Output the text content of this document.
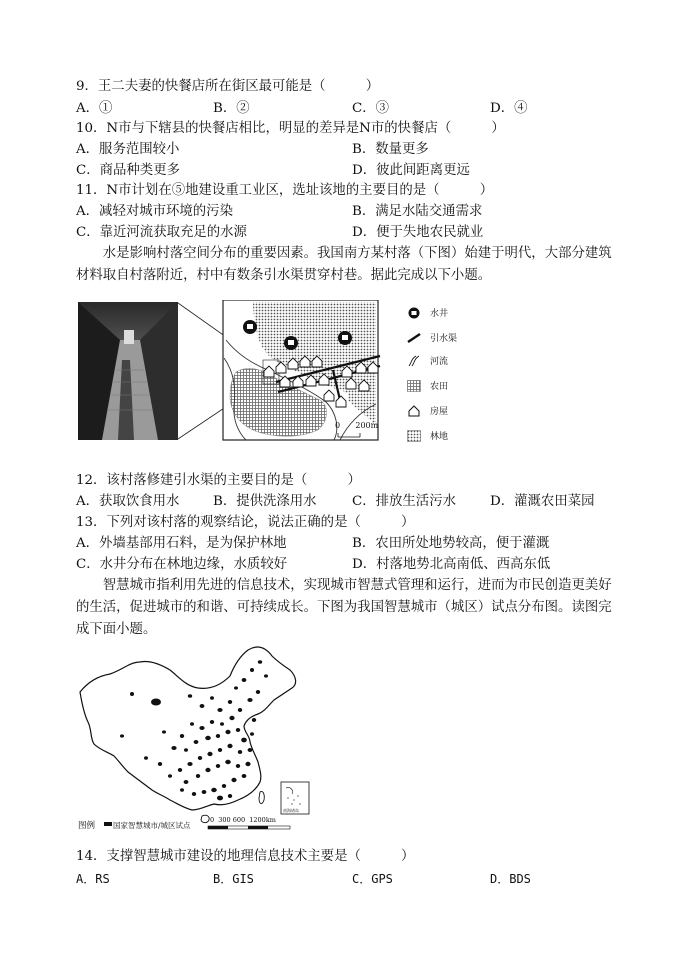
9．王二夫妻的快餐店所在街区最可能是（　　　）
A．①	B．②	C．③	D．④
10．N市与下辖县的快餐店相比，明显的差异是N市的快餐店（　　　）
A．服务范围较小	B．数量更多
C．商品种类更多	D．彼此间距离更远
11．N市计划在⑤地建设重工业区，选址该地的主要目的是（　　　）
A．减轻对城市环境的污染	B．满足水陆交通需求
C．靠近河流获取充足的水源	D．便于失地农民就业
水是影响村落空间分布的重要因素。我国南方某村落（下图）始建于明代，大部分建筑材料取自村落附近，村中有数条引水渠贯穿村巷。据此完成以下小题。
0      200m
水井
引水渠
河流
农田
房屋
林地
12．该村落修建引水渠的主要目的是（　　　）
A．获取饮食用水	B．提供洗涤用水	C．排放生活污水	D．灌溉农田菜园
13．下列对该村落的观察结论，说法正确的是（　　　）
A．外墙基部用石料，是为保护林地	B．农田所处地势较高，便于灌溉
C．水井分布在林地边缘，水质较好	D．村落地势北高南低、西高东低
智慧城市指利用先进的信息技术，实现城市智慧式管理和运行，进而为市民创造更美好的生活，促进城市的和谐、可持续成长。下图为我国智慧城市（城区）试点分布图。读图完成下面小题。
图例 国家智慧城市/城区试点
0  300 600  1200km
南海诸岛
14．支撑智慧城市建设的地理信息技术主要是（　　　）
A．RS	B．GIS	C．GPS	D．BDS
